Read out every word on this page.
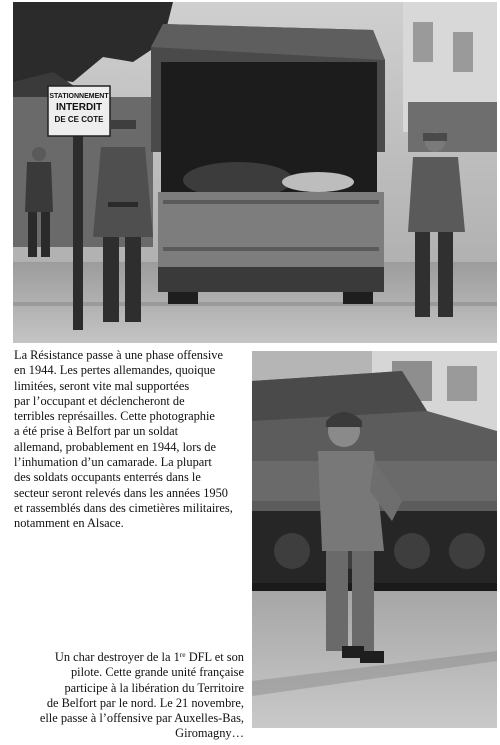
STATIONNEMENT
INTERDIT
DE CE COTE
La Résistance passe à une phase offensive
en 1944. Les pertes allemandes, quoique
limitées, seront vite mal supportées
par l’occupant et déclencheront de
terribles représailles. Cette photographie
a été prise à Belfort par un soldat
allemand, probablement en 1944, lors de
l’inhumation d’un camarade. La plupart
des soldats occupants enterrés dans le
secteur seront relevés dans les années 1950
et rassemblés dans des cimetières militaires,
notamment en Alsace.
Un char destroyer de la 1re DFL et son
pilote. Cette grande unité française
participe à la libération du Territoire
de Belfort par le nord. Le 21 novembre,
elle passe à l’offensive par Auxelles-Bas,
Giromagny…
